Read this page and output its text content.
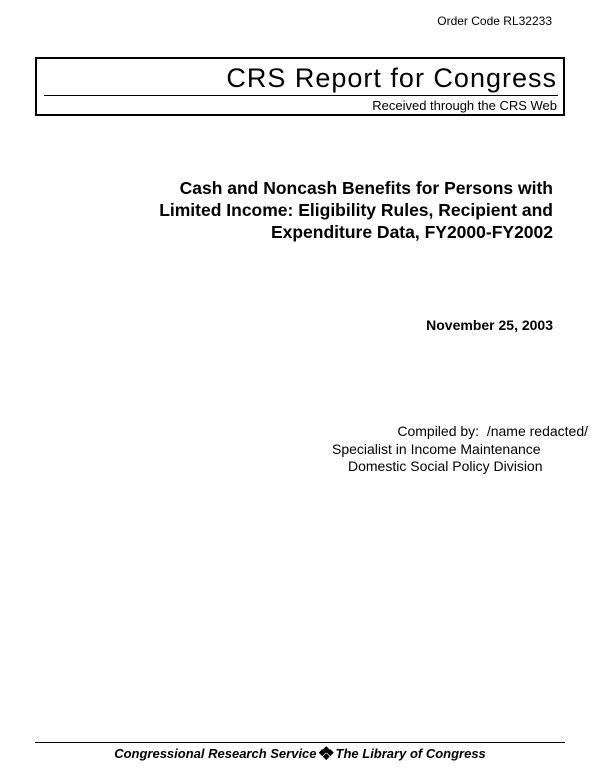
Order Code RL32233
CRS Report for Congress
Received through the CRS Web
Cash and Noncash Benefits for Persons with
Limited Income: Eligibility Rules, Recipient and
Expenditure Data, FY2000-FY2002
November 25, 2003
Compiled by:  /name redacted/
Specialist in Income Maintenance
Domestic Social Policy Division
Congressional Research Service The Library of Congress
